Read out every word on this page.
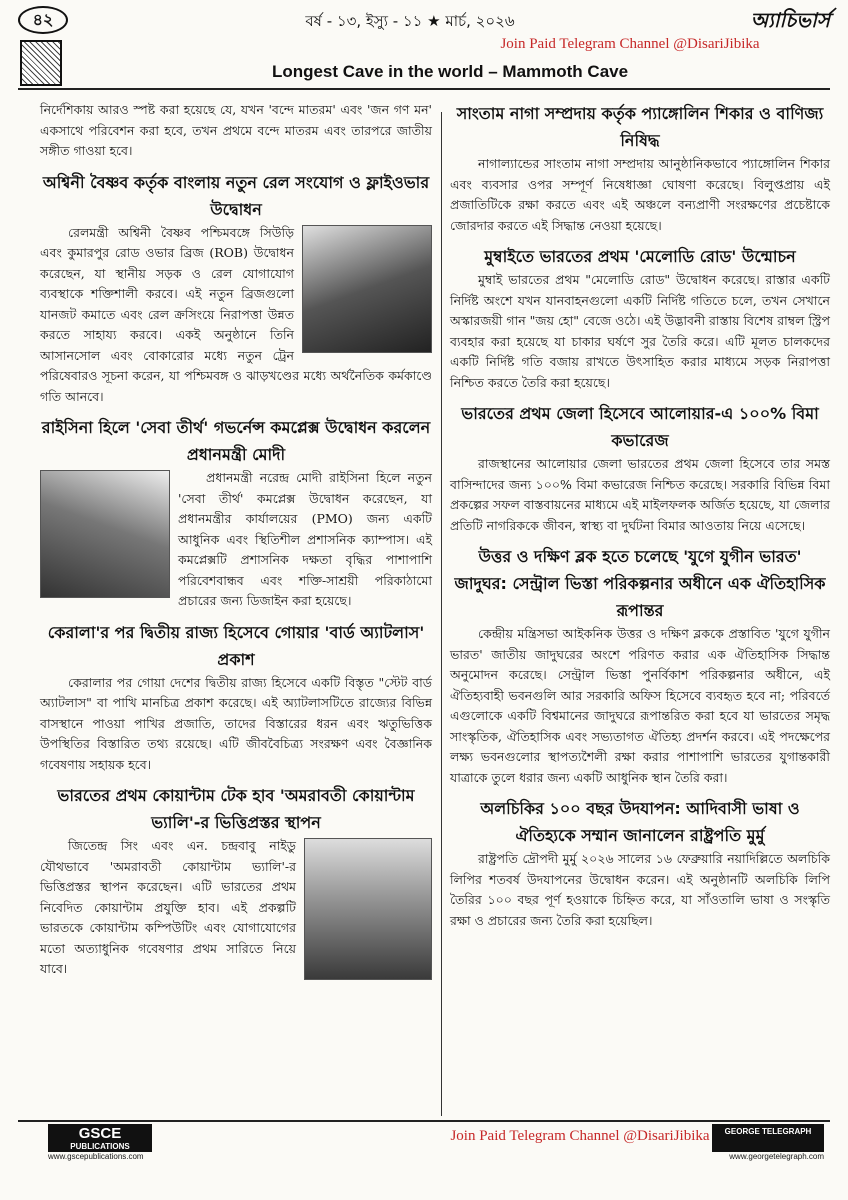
৪২	বর্ষ - ১৩, ইস্যু - ১১ ★ মার্চ, ২০২৬	অ্যাচিভার্স
Join Paid Telegram Channel @DisariJibika
Longest Cave in the world – Mammoth Cave

নির্দেশিকায় আরও স্পষ্ট করা হয়েছে যে, যখন 'বন্দে মাতরম' এবং 'জন গণ মন' একসাথে পরিবেশন করা হবে, তখন প্রথমে বন্দে মাতরম এবং তারপরে জাতীয় সঙ্গীত গাওয়া হবে।

অশ্বিনী বৈষ্ণব কর্তৃক বাংলায় নতুন রেল সংযোগ ও ফ্লাইওভার উদ্বোধন

রেলমন্ত্রী অশ্বিনী বৈষ্ণব পশ্চিমবঙ্গে সিউড়ি এবং কুমারপুর রোড ওভার ব্রিজ (ROB) উদ্বোধন করেছেন, যা স্থানীয় সড়ক ও রেল যোগাযোগ ব্যবস্থাকে শক্তিশালী করবে। এই নতুন ব্রিজগুলো যানজট কমাতে এবং রেল ক্রসিংয়ে নিরাপত্তা উন্নত করতে সাহায্য করবে। একই অনুষ্ঠানে তিনি আসানসোল এবং বোকারোর মধ্যে নতুন ট্রেন পরিষেবারও সূচনা করেন, যা পশ্চিমবঙ্গ ও ঝাড়খণ্ডের মধ্যে অর্থনৈতিক কর্মকাণ্ডে গতি আনবে।

রাইসিনা হিলে 'সেবা তীর্থ' গভর্নেন্স কমপ্লেক্স উদ্বোধন করলেন প্রধানমন্ত্রী মোদী

প্রধানমন্ত্রী নরেন্দ্র মোদী রাইসিনা হিলে নতুন 'সেবা তীর্থ' কমপ্লেক্স উদ্বোধন করেছেন, যা প্রধানমন্ত্রীর কার্যালয়ের (PMO) জন্য একটি আধুনিক এবং স্থিতিশীল প্রশাসনিক ক্যাম্পাস। এই কমপ্লেক্সটি প্রশাসনিক দক্ষতা বৃদ্ধির পাশাপাশি পরিবেশবান্ধব এবং শক্তি-সাশ্রয়ী পরিকাঠামো প্রচারের জন্য ডিজাইন করা হয়েছে।

কেরালা'র পর দ্বিতীয় রাজ্য হিসেবে গোয়ার 'বার্ড অ্যাটলাস' প্রকাশ

কেরালার পর গোয়া দেশের দ্বিতীয় রাজ্য হিসেবে একটি বিস্তৃত "স্টেট বার্ড অ্যাটলাস" বা পাখি মানচিত্র প্রকাশ করেছে। এই অ্যাটলাসটিতে রাজ্যের বিভিন্ন বাসস্থানে পাওয়া পাখির প্রজাতি, তাদের বিস্তারের ধরন এবং ঋতুভিত্তিক উপস্থিতির বিস্তারিত তথ্য রয়েছে। এটি জীববৈচিত্র্য সংরক্ষণ এবং বৈজ্ঞানিক গবেষণায় সহায়ক হবে।

ভারতের প্রথম কোয়ান্টাম টেক হাব 'অমরাবতী কোয়ান্টাম ভ্যালি'-র ভিত্তিপ্রস্তর স্থাপন

জিতেন্দ্র সিং এবং এন. চন্দ্রবাবু নাইডু যৌথভাবে 'অমরাবতী কোয়ান্টাম ভ্যালি'-র ভিত্তিপ্রস্তর স্থাপন করেছেন। এটি ভারতের প্রথম নিবেদিত কোয়ান্টাম প্রযুক্তি হাব। এই প্রকল্পটি ভারতকে কোয়ান্টাম কম্পিউটিং এবং যোগাযোগের মতো অত্যাধুনিক গবেষণার প্রথম সারিতে নিয়ে যাবে।

সাংতাম নাগা সম্প্রদায় কর্তৃক প্যাঙ্গোলিন শিকার ও বাণিজ্য নিষিদ্ধ

নাগাল্যান্ডের সাংতাম নাগা সম্প্রদায় আনুষ্ঠানিকভাবে প্যাঙ্গোলিন শিকার এবং ব্যবসার ওপর সম্পূর্ণ নিষেধাজ্ঞা ঘোষণা করেছে। বিলুপ্তপ্রায় এই প্রজাতিটিকে রক্ষা করতে এবং এই অঞ্চলে বন্যপ্রাণী সংরক্ষণের প্রচেষ্টাকে জোরদার করতে এই সিদ্ধান্ত নেওয়া হয়েছে।

মুম্বাইতে ভারতের প্রথম 'মেলোডি রোড' উন্মোচন

মুম্বাই ভারতের প্রথম "মেলোডি রোড" উদ্বোধন করেছে। রাস্তার একটি নির্দিষ্ট অংশে যখন যানবাহনগুলো একটি নির্দিষ্ট গতিতে চলে, তখন সেখানে অস্কারজয়ী গান "জয় হো" বেজে ওঠে। এই উদ্ভাবনী রাস্তায় বিশেষ রাম্বল স্ট্রিপ ব্যবহার করা হয়েছে যা চাকার ঘর্ষণে সুর তৈরি করে। এটি মূলত চালকদের একটি নির্দিষ্ট গতি বজায় রাখতে উৎসাহিত করার মাধ্যমে সড়ক নিরাপত্তা নিশ্চিত করতে তৈরি করা হয়েছে।

ভারতের প্রথম জেলা হিসেবে আলোয়ার-এ ১০০% বিমা কভারেজ

রাজস্থানের আলোয়ার জেলা ভারতের প্রথম জেলা হিসেবে তার সমস্ত বাসিন্দাদের জন্য ১০০% বিমা কভারেজ নিশ্চিত করেছে। সরকারি বিভিন্ন বিমা প্রকল্পের সফল বাস্তবায়নের মাধ্যমে এই মাইলফলক অর্জিত হয়েছে, যা জেলার প্রতিটি নাগরিককে জীবন, স্বাস্থ্য বা দুর্ঘটনা বিমার আওতায় নিয়ে এসেছে।

উত্তর ও দক্ষিণ ব্লক হতে চলেছে 'যুগে যুগীন ভারত' জাদুঘর: সেন্ট্রাল ভিস্তা পরিকল্পনার অধীনে এক ঐতিহাসিক রূপান্তর

কেন্দ্রীয় মন্ত্রিসভা আইকনিক উত্তর ও দক্ষিণ ব্লককে প্রস্তাবিত 'যুগে যুগীন ভারত' জাতীয় জাদুঘরের অংশে পরিণত করার এক ঐতিহাসিক সিদ্ধান্ত অনুমোদন করেছে। সেন্ট্রাল ভিস্তা পুনর্বিকাশ পরিকল্পনার অধীনে, এই ঐতিহ্যবাহী ভবনগুলি আর সরকারি অফিস হিসেবে ব্যবহৃত হবে না; পরিবর্তে এগুলোকে একটি বিশ্বমানের জাদুঘরে রূপান্তরিত করা হবে যা ভারতের সমৃদ্ধ সাংস্কৃতিক, ঐতিহাসিক এবং সভ্যতাগত ঐতিহ্য প্রদর্শন করবে। এই পদক্ষেপের লক্ষ্য ভবনগুলোর স্থাপত্যশৈলী রক্ষা করার পাশাপাশি ভারতের যুগান্তকারী যাত্রাকে তুলে ধরার জন্য একটি আধুনিক স্থান তৈরি করা।

অলচিকির ১০০ বছর উদযাপন: আদিবাসী ভাষা ও ঐতিহ্যকে সম্মান জানালেন রাষ্ট্রপতি মুর্মু

রাষ্ট্রপতি দ্রৌপদী মুর্মু ২০২৬ সালের ১৬ ফেব্রুয়ারি নয়াদিল্লিতে অলচিকি লিপির শতবর্ষ উদযাপনের উদ্বোধন করেন। এই অনুষ্ঠানটি অলচিকি লিপি তৈরির ১০০ বছর পূর্ণ হওয়াকে চিহ্নিত করে, যা সাঁওতালি ভাষা ও সংস্কৃতি রক্ষা ও প্রচারের জন্য তৈরি করা হয়েছিল।

GSCE
PUBLICATIONS
www.gscepublications.com
Join Paid Telegram Channel @DisariJibika	GEORGE TELEGRAPH
www.georgetelegraph.com
